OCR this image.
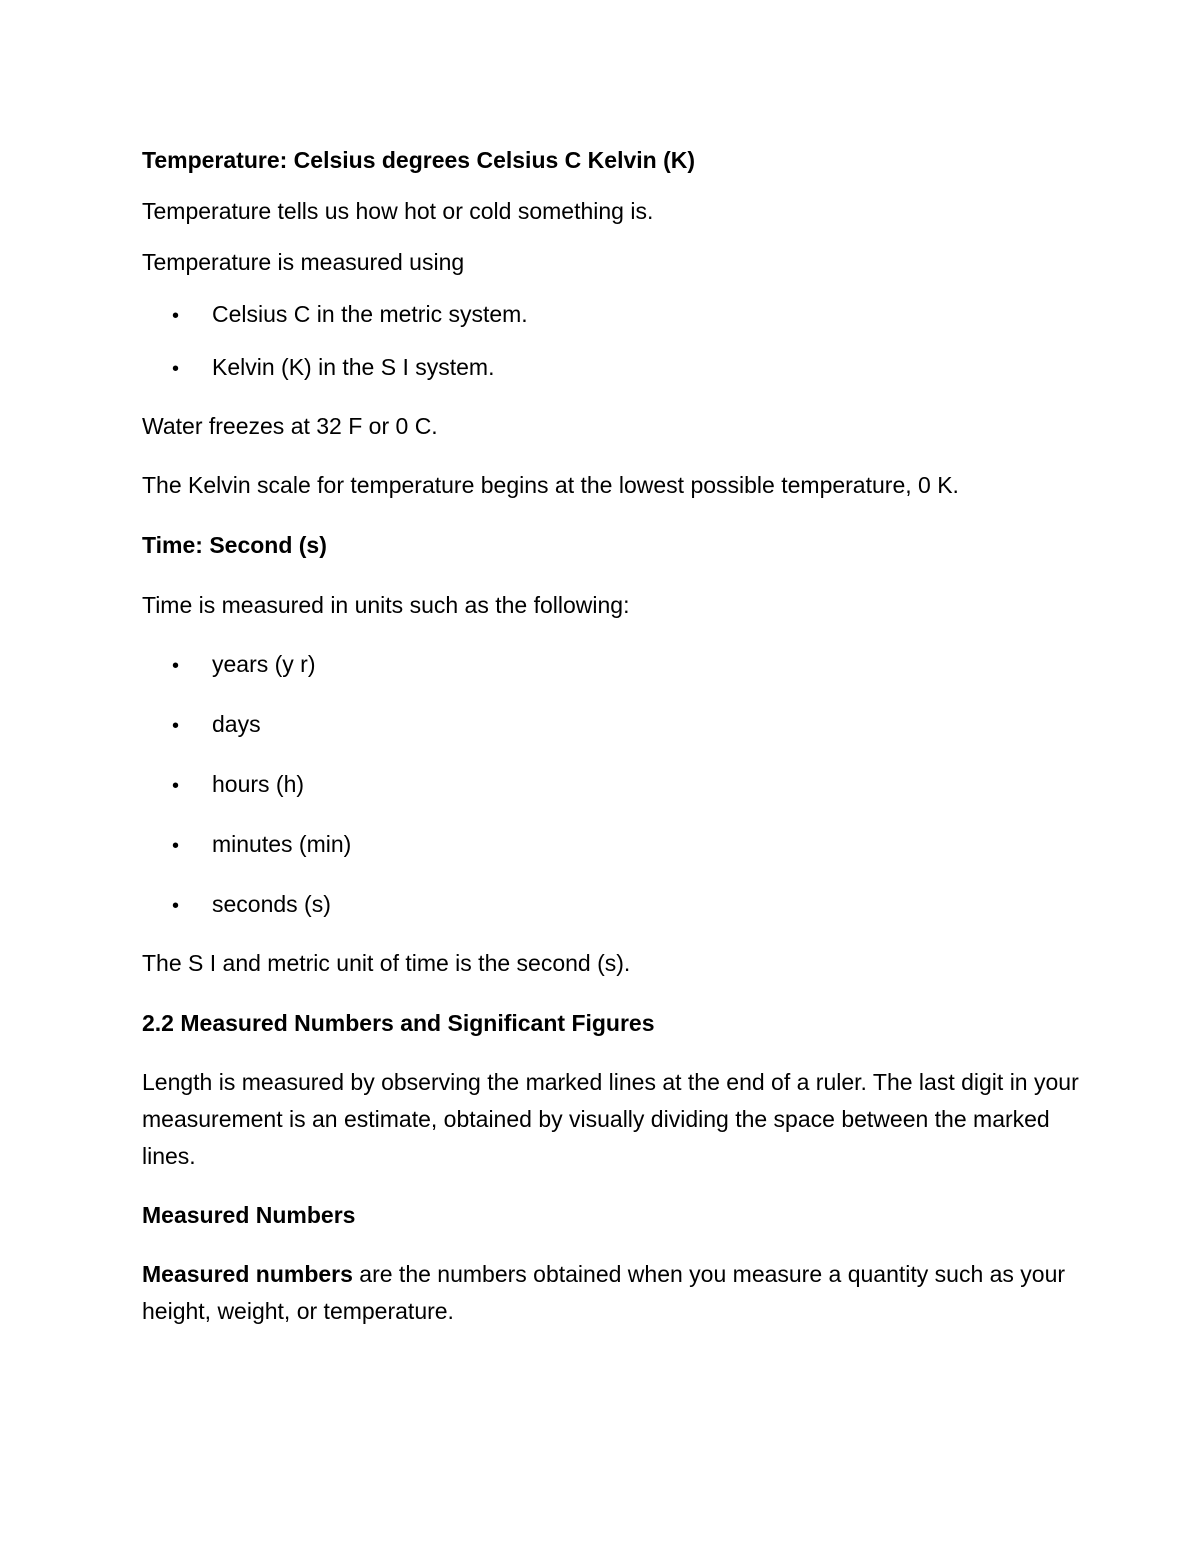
Temperature: Celsius degrees Celsius C Kelvin (K)
Temperature tells us how hot or cold something is.
Temperature is measured using
• Celsius C in the metric system.
• Kelvin (K) in the S I system.
Water freezes at 32 F or 0 C.
The Kelvin scale for temperature begins at the lowest possible temperature, 0 K.
Time: Second (s)
Time is measured in units such as the following:
• years (y r)
• days
• hours (h)
• minutes (min)
• seconds (s)
The S I and metric unit of time is the second (s).
2.2 Measured Numbers and Significant Figures
Length is measured by observing the marked lines at the end of a ruler. The last digit in your measurement is an estimate, obtained by visually dividing the space between the marked lines.
Measured Numbers
Measured numbers are the numbers obtained when you measure a quantity such as your height, weight, or temperature.
